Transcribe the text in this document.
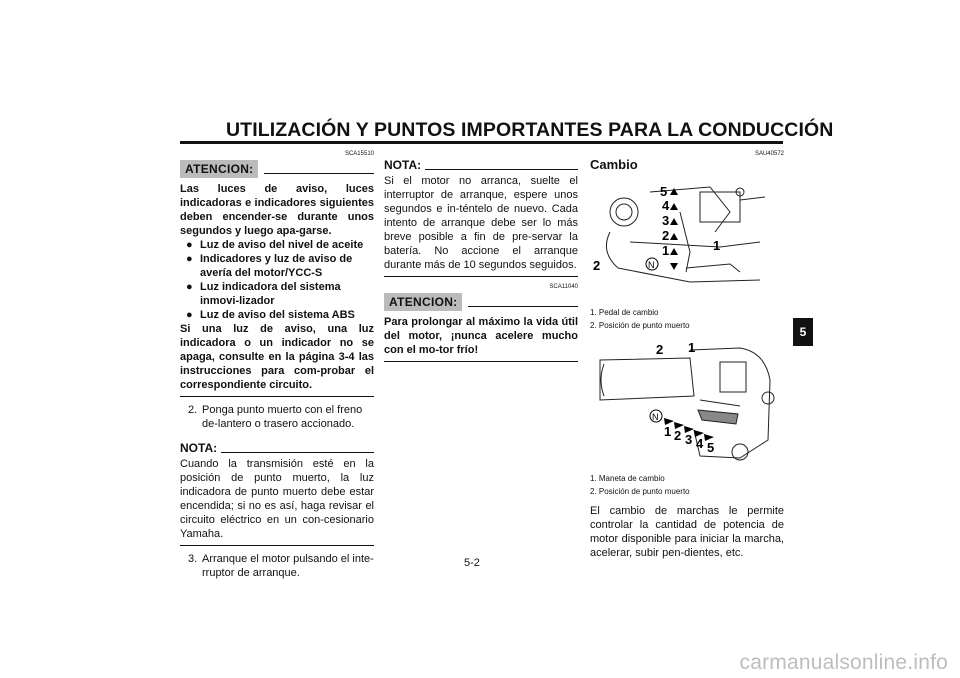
UTILIZACIÓN Y PUNTOS IMPORTANTES PARA LA CONDUCCIÓN
SCA15510
ATENCION:
Las luces de aviso, luces indicadoras e indicadores siguientes deben encender-se durante unos segundos y luego apa-garse.
● Luz de aviso del nivel de aceite
● Indicadores y luz de aviso de avería del motor/YCC-S
● Luz indicadora del sistema inmovi-lizador
● Luz de aviso del sistema ABS
Si una luz de aviso, una luz indicadora o un indicador no se apaga, consulte en la página 3-4 las instrucciones para com-probar el correspondiente circuito.
2. Ponga punto muerto con el freno de-lantero o trasero accionado.
NOTA:
Cuando la transmisión esté en la posición de punto muerto, la luz indicadora de punto muerto debe estar encendida; si no es así, haga revisar el circuito eléctrico en un con-cesionario Yamaha.
3. Arranque el motor pulsando el inte-rruptor de arranque.
NOTA:
Si el motor no arranca, suelte el interruptor de arranque, espere unos segundos e in-téntelo de nuevo. Cada intento de arranque debe ser lo más breve posible a fin de pre-servar la batería. No accione el arranque durante más de 10 segundos seguidos.
SCA11040
ATENCION:
Para prolongar al máximo la vida útil del motor, ¡nunca acelere mucho con el mo-tor frío!
SAU40572
Cambio
5
4
3
2
1	1
2	N
1. Pedal de cambio
2. Posición de punto muerto
2 1
1 2 3 4 5
N
1. Maneta de cambio
2. Posición de punto muerto
El cambio de marchas le permite controlar la cantidad de potencia de motor disponible para iniciar la marcha, acelerar, subir pen-dientes, etc.
5
5-2
carmanualsonline.info
